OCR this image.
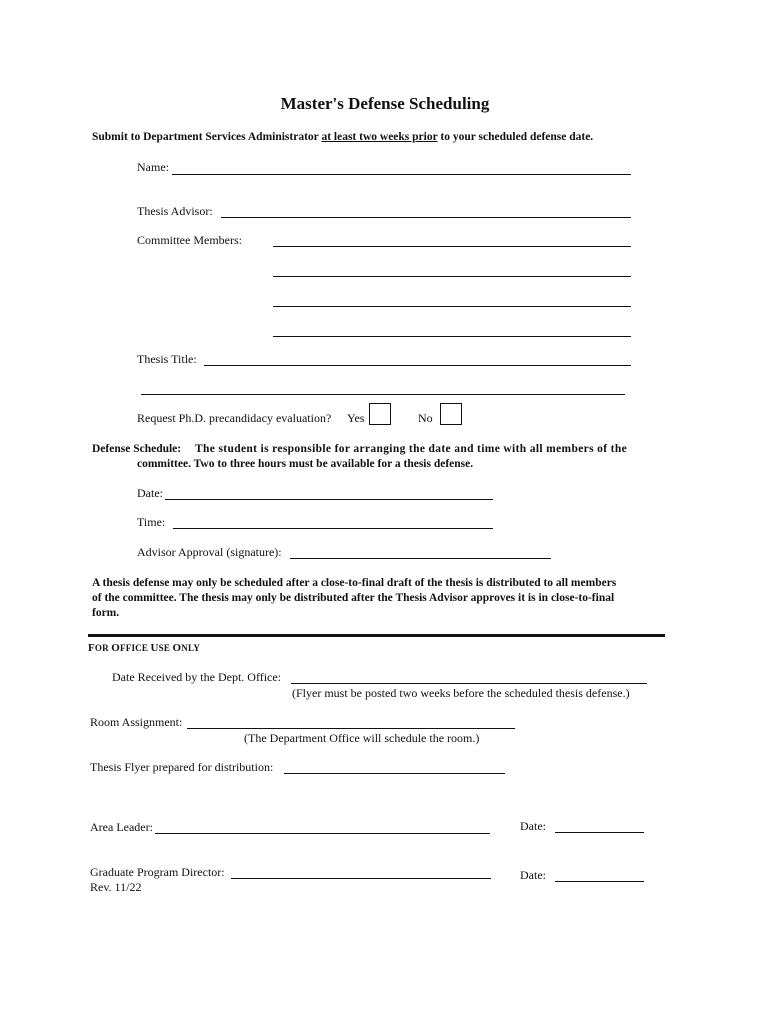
Master's Defense Scheduling
Submit to Department Services Administrator at least two weeks prior to your scheduled defense date.
Name:
Thesis Advisor:
Committee Members:
Thesis Title:
Request Ph.D. precandidacy evaluation? Yes	No
Defense Schedule: The student is responsible for arranging the date and time with all members of the
committee. Two to three hours must be available for a thesis defense.
Date:
Time:
Advisor Approval (signature):
A thesis defense may only be scheduled after a close-to-final draft of the thesis is distributed to all members
of the committee. The thesis may only be distributed after the Thesis Advisor approves it is in close-to-final
form.
FOR OFFICE USE ONLY
Date Received by the Dept. Office:
(Flyer must be posted two weeks before the scheduled thesis defense.)
Room Assignment:
(The Department Office will schedule the room.)
Thesis Flyer prepared for distribution:
Area Leader:	Date:
Graduate Program Director:	Date:
Rev. 11/22
